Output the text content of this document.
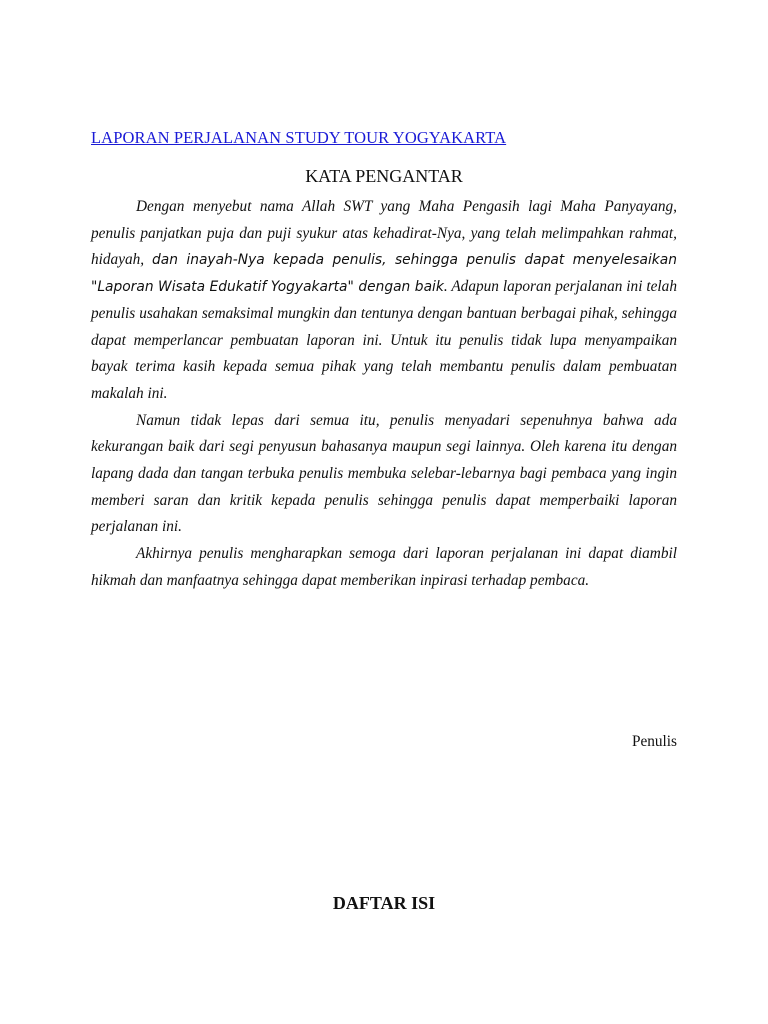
LAPORAN PERJALANAN STUDY TOUR YOGYAKARTA
KATA PENGANTAR

Dengan menyebut nama Allah SWT yang Maha Pengasih lagi Maha Panyayang, penulis panjatkan puja dan puji syukur atas kehadirat-Nya, yang telah melimpahkan rahmat, hidayah, dan inayah-Nya kepada penulis, sehingga penulis dapat menyelesaikan "Laporan Wisata Edukatif Yogyakarta" dengan baik. Adapun laporan perjalanan ini telah penulis usahakan semaksimal mungkin dan tentunya dengan bantuan berbagai pihak, sehingga dapat memperlancar pembuatan laporan ini. Untuk itu penulis tidak lupa menyampaikan bayak terima kasih kepada semua pihak yang telah membantu penulis dalam pembuatan makalah ini.

Namun tidak lepas dari semua itu, penulis menyadari sepenuhnya bahwa ada kekurangan baik dari segi penyusun bahasanya maupun segi lainnya. Oleh karena itu dengan lapang dada dan tangan terbuka penulis membuka selebar-lebarnya bagi pembaca yang ingin memberi saran dan kritik kepada penulis sehingga penulis dapat memperbaiki laporan perjalanan ini.

Akhirnya penulis mengharapkan semoga dari laporan perjalanan ini dapat diambil hikmah dan manfaatnya sehingga dapat memberikan inpirasi terhadap pembaca.

Penulis
DAFTAR ISI
